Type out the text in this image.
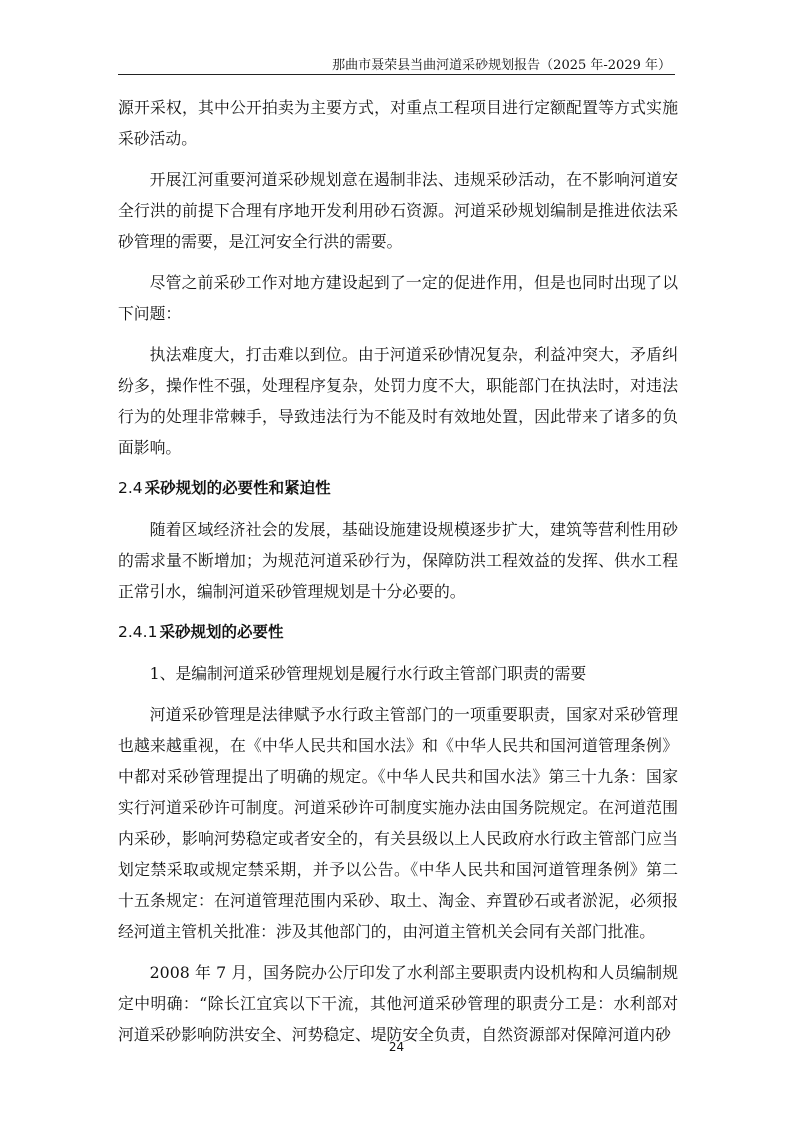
那曲市聂荣县当曲河道采砂规划报告（2025 年-2029 年）

源开采权，其中公开拍卖为主要方式，对重点工程项目进行定额配置等方式实施采砂活动。

开展江河重要河道采砂规划意在遏制非法、违规采砂活动，在不影响河道安全行洪的前提下合理有序地开发利用砂石资源。河道采砂规划编制是推进依法采砂管理的需要，是江河安全行洪的需要。

尽管之前采砂工作对地方建设起到了一定的促进作用，但是也同时出现了以下问题：

执法难度大，打击难以到位。由于河道采砂情况复杂，利益冲突大，矛盾纠纷多，操作性不强，处理程序复杂，处罚力度不大，职能部门在执法时，对违法行为的处理非常棘手，导致违法行为不能及时有效地处置，因此带来了诸多的负面影响。

2.4 采砂规划的必要性和紧迫性

随着区域经济社会的发展，基础设施建设规模逐步扩大，建筑等营利性用砂的需求量不断增加；为规范河道采砂行为，保障防洪工程效益的发挥、供水工程正常引水，编制河道采砂管理规划是十分必要的。

2.4.1 采砂规划的必要性

1、是编制河道采砂管理规划是履行水行政主管部门职责的需要

河道采砂管理是法律赋予水行政主管部门的一项重要职责，国家对采砂管理也越来越重视，在《中华人民共和国水法》和《中华人民共和国河道管理条例》中都对采砂管理提出了明确的规定。《中华人民共和国水法》第三十九条：国家实行河道采砂许可制度。河道采砂许可制度实施办法由国务院规定。在河道范围内采砂，影响河势稳定或者安全的，有关县级以上人民政府水行政主管部门应当划定禁采取或规定禁采期，并予以公告。《中华人民共和国河道管理条例》第二十五条规定：在河道管理范围内采砂、取土、淘金、弃置砂石或者淤泥，必须报经河道主管机关批准：涉及其他部门的，由河道主管机关会同有关部门批准。

2008 年 7 月，国务院办公厅印发了水利部主要职责内设机构和人员编制规定中明确：“除长江宜宾以下干流，其他河道采砂管理的职责分工是：水利部对河道采砂影响防洪安全、河势稳定、堤防安全负责，自然资源部对保障河道内砂

24
